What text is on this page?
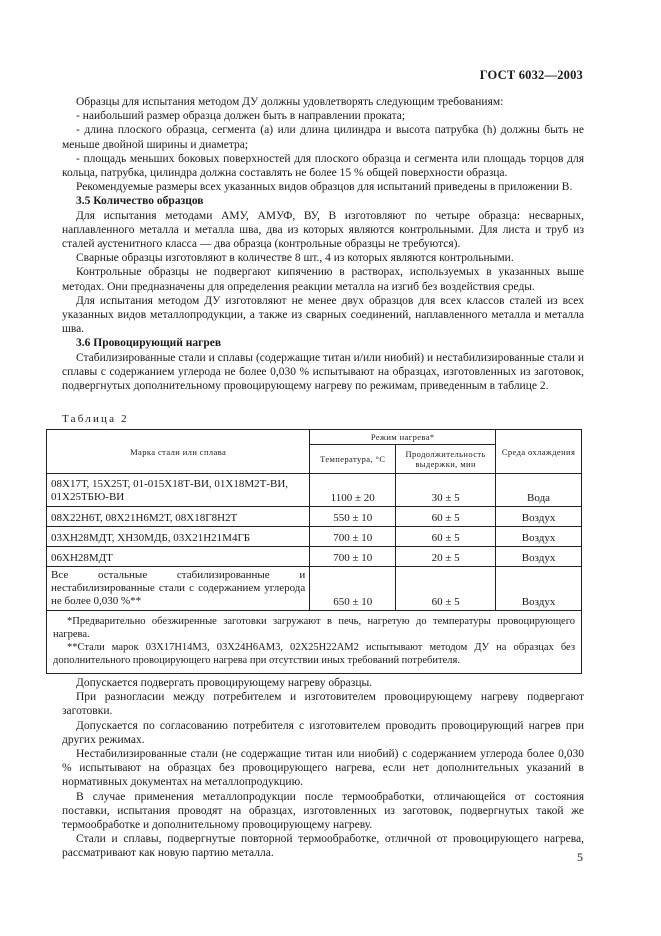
ГОСТ 6032—2003

Образцы для испытания методом ДУ должны удовлетворять следующим требованиям:

- наибольший размер образца должен быть в направлении проката;

- длина плоского образца, сегмента (a) или длина цилиндра и высота патрубка (h) должны быть не меньше двойной ширины и диаметра;

- площадь меньших боковых поверхностей для плоского образца и сегмента или площадь торцов для кольца, патрубка, цилиндра должна составлять не более 15 % общей поверхности образца.

Рекомендуемые размеры всех указанных видов образцов для испытаний приведены в приложении В.

3.5 Количество образцов

Для испытания методами АМУ, АМУФ, ВУ, В изготовляют по четыре образца: несварных, наплавленного металла и металла шва, два из которых являются контрольными. Для листа и труб из сталей аустенитного класса — два образца (контрольные образцы не требуются).

Сварные образцы изготовляют в количестве 8 шт., 4 из которых являются контрольными.

Контрольные образцы не подвергают кипячению в растворах, используемых в указанных выше методах. Они предназначены для определения реакции металла на изгиб без воздействия среды.

Для испытания методом ДУ изготовляют не менее двух образцов для всех классов сталей из всех указанных видов металлопродукции, а также из сварных соединений, наплавленного металла и металла шва.

3.6 Провоцирующий нагрев

Стабилизированные стали и сплавы (содержащие титан и/или ниобий) и нестабилизированные стали и сплавы с содержанием углерода не более 0,030 % испытывают на образцах, изготовленных из заготовок, подвергнутых дополнительному провоцирующему нагреву по режимам, приведенным в таблице 2.

Таблица 2
Марка стали или сплава	Режим нагрева*		Среда охлаждения
	Температура, °С	Продолжительность выдержки, мин	
08Х17Т, 15Х25Т, 01-015Х18Т-ВИ, 01Х18М2Т-ВИ, 01Х25ТБЮ-ВИ	1100 ± 20	30 ± 5	Вода
08Х22Н6Т, 08Х21Н6М2Т, 08Х18Г8Н2Т	550 ± 10	60 ± 5	Воздух
03ХН28МДТ, ХН30МДБ, 03Х21Н21М4ГБ	700 ± 10	60 ± 5	Воздух
06ХН28МДТ	700 ± 10	20 ± 5	Воздух
Все остальные стабилизированные и нестабилизированные стали с содержанием углерода не более 0,030 %**	650 ± 10	60 ± 5	Воздух

*Предварительно обезжиренные заготовки загружают в печь, нагретую до температуры провоцирующего нагрева.
**Стали марок 03Х17Н14М3, 03Х24Н6АМ3, 02Х25Н22АМ2 испытывают методом ДУ на образцах без дополнительного провоцирующего нагрева при отсутствии иных требований потребителя.			

Допускается подвергать провоцирующему нагреву образцы.

При разногласии между потребителем и изготовителем провоцирующему нагреву подвергают заготовки.

Допускается по согласованию потребителя с изготовителем проводить провоцирующий нагрев при других режимах.

Нестабилизированные стали (не содержащие титан или ниобий) с содержанием углерода более 0,030 % испытывают на образцах без провоцирующего нагрева, если нет дополнительных указаний в нормативных документах на металлопродукцию.

В случае применения металлопродукции после термообработки, отличающейся от состояния поставки, испытания проводят на образцах, изготовленных из заготовок, подвергнутых такой же термообработке и дополнительному провоцирующему нагреву.

Стали и сплавы, подвергнутые повторной термообработке, отличной от провоцирующего нагрева, рассматривают как новую партию металла.	5
